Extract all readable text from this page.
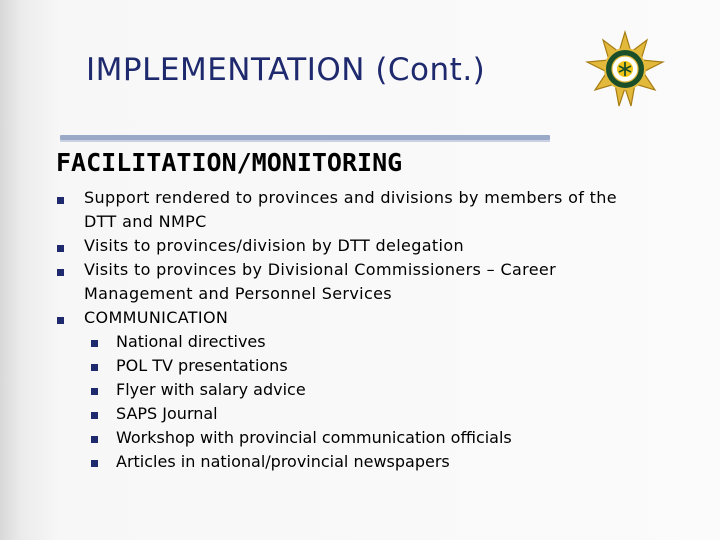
IMPLEMENTATION (Cont.)
FACILITATION/MONITORING
Support rendered to provinces and divisions by members of the
DTT and NMPC
Visits to provinces/division by DTT delegation
Visits to provinces by Divisional Commissioners – Career
Management and Personnel Services
COMMUNICATION
National directives
POL TV presentations
Flyer with salary advice
SAPS Journal
Workshop with provincial communication officials
Articles in national/provincial newspapers
